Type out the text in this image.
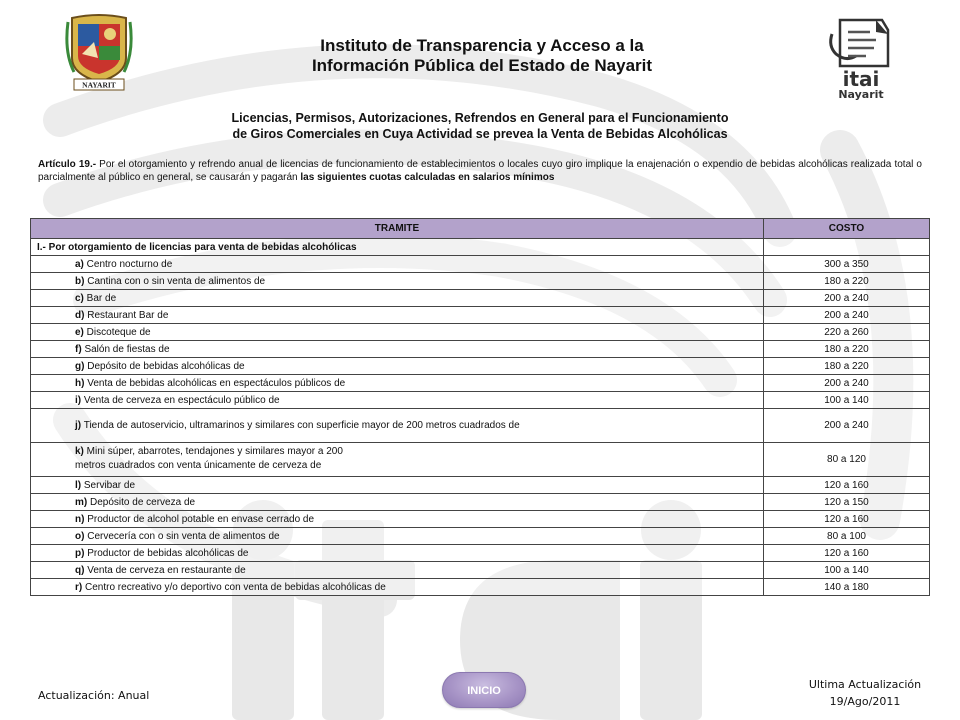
NAYARIT
Instituto de Transparencia y Acceso a la
Información Pública del Estado de Nayarit
itai
Nayarit
Licencias, Permisos, Autorizaciones, Refrendos en General para el Funcionamiento
de Giros Comerciales en Cuya Actividad se prevea la Venta de Bebidas Alcohólicas
Artículo 19.- Por el otorgamiento y refrendo anual de licencias de funcionamiento de establecimientos o locales cuyo giro implique la enajenación o expendio de bebidas alcohólicas realizada total o parcialmente al público en general, se causarán y pagarán las siguientes cuotas calculadas en salarios mínimos
TRAMITE	COSTO
I.- Por otorgamiento de licencias para venta de bebidas alcohólicas	
a) Centro nocturno de	300 a 350
b) Cantina con o sin venta de alimentos de	180 a 220
c) Bar de	200 a 240
d) Restaurant Bar de	200 a 240
e) Discoteque de	220 a 260
f) Salón de fiestas de	180 a 220
g) Depósito de bebidas alcohólicas de	180 a 220
h) Venta de bebidas alcohólicas en espectáculos públicos de	200 a 240
i) Venta de cerveza en espectáculo público de	100 a 140
j) Tienda de autoservicio, ultramarinos y similares con superficie mayor de 200 metros cuadrados de	200 a 240
k) Mini súper, abarrotes, tendajones y similares mayor a 200
metros cuadrados con venta únicamente de cerveza de	80 a 120
l) Servibar de	120 a 160
m) Depósito de cerveza de	120 a 150
n) Productor de alcohol potable en envase cerrado de	120 a 160
o) Cervecería con o sin venta de alimentos de	80 a 100
p) Productor de bebidas alcohólicas de	120 a 160
q) Venta de cerveza en restaurante de	100 a 140
r) Centro recreativo y/o deportivo con venta de bebidas alcohólicas de	140 a 180
Actualización: Anual	INICIO	Ultima Actualización
19/Ago/2011
